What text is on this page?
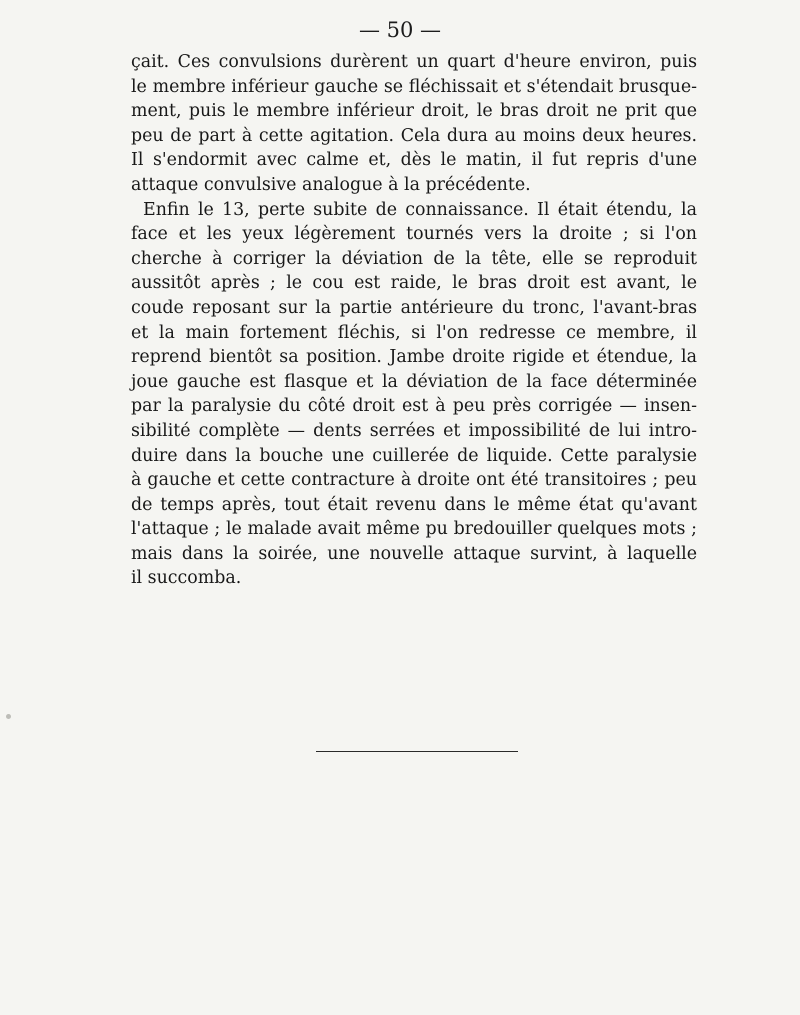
— 50 —
çait. Ces convulsions durèrent un quart d'heure environ, puis
le membre inférieur gauche se fléchissait et s'étendait brusque-
ment, puis le membre inférieur droit, le bras droit ne prit que
peu de part à cette agitation. Cela dura au moins deux heures.
Il s'endormit avec calme et, dès le matin, il fut repris d'une
attaque convulsive analogue à la précédente.
Enfin le 13, perte subite de connaissance. Il était étendu, la
face et les yeux légèrement tournés vers la droite ; si l'on
cherche à corriger la déviation de la tête, elle se reproduit
aussitôt après ; le cou est raide, le bras droit est avant, le
coude reposant sur la partie antérieure du tronc, l'avant-bras
et la main fortement fléchis, si l'on redresse ce membre, il
reprend bientôt sa position. Jambe droite rigide et étendue, la
joue gauche est flasque et la déviation de la face déterminée
par la paralysie du côté droit est à peu près corrigée — insen-
sibilité complète — dents serrées et impossibilité de lui intro-
duire dans la bouche une cuillerée de liquide. Cette paralysie
à gauche et cette contracture à droite ont été transitoires ; peu
de temps après, tout était revenu dans le même état qu'avant
l'attaque ; le malade avait même pu bredouiller quelques mots ;
mais dans la soirée, une nouvelle attaque survint, à laquelle
il succomba.
